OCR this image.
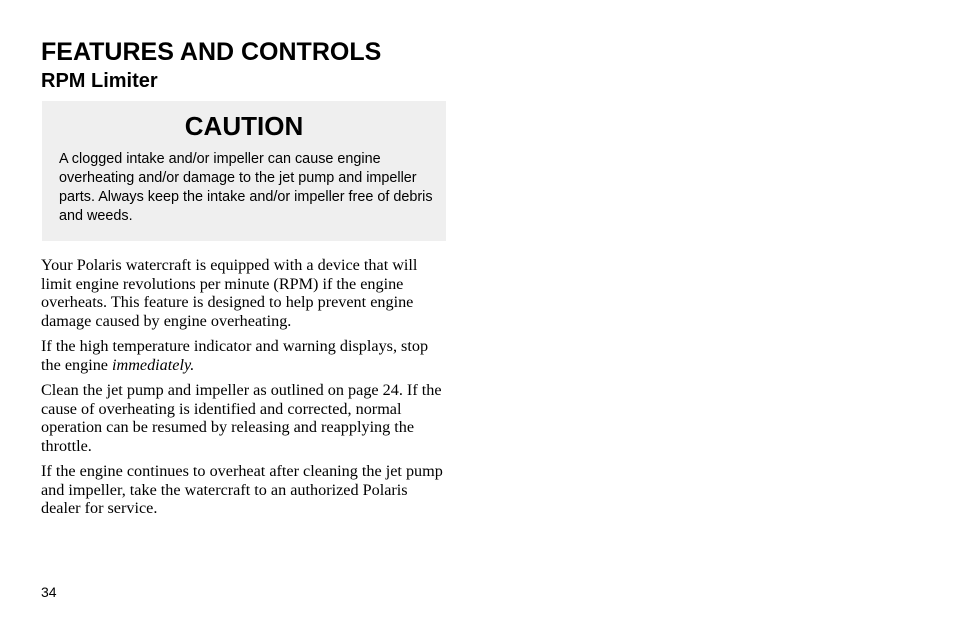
FEATURES AND CONTROLS
RPM Limiter
CAUTION

A clogged intake and/or impeller can cause engine overheating and/or damage to the jet pump and impeller parts. Always keep the intake and/or impeller free of debris and weeds.

Your Polaris watercraft is equipped with a device that will limit engine revolutions per minute (RPM) if the engine overheats. This feature is designed to help prevent engine damage caused by engine overheating.

If the high temperature indicator and warning displays, stop the engine immediately.

Clean the jet pump and impeller as outlined on page 24. If the cause of overheating is identified and corrected, normal operation can be resumed by releasing and reapplying the throttle.

If the engine continues to overheat after cleaning the jet pump and impeller, take the watercraft to an authorized Polaris dealer for service.

34
